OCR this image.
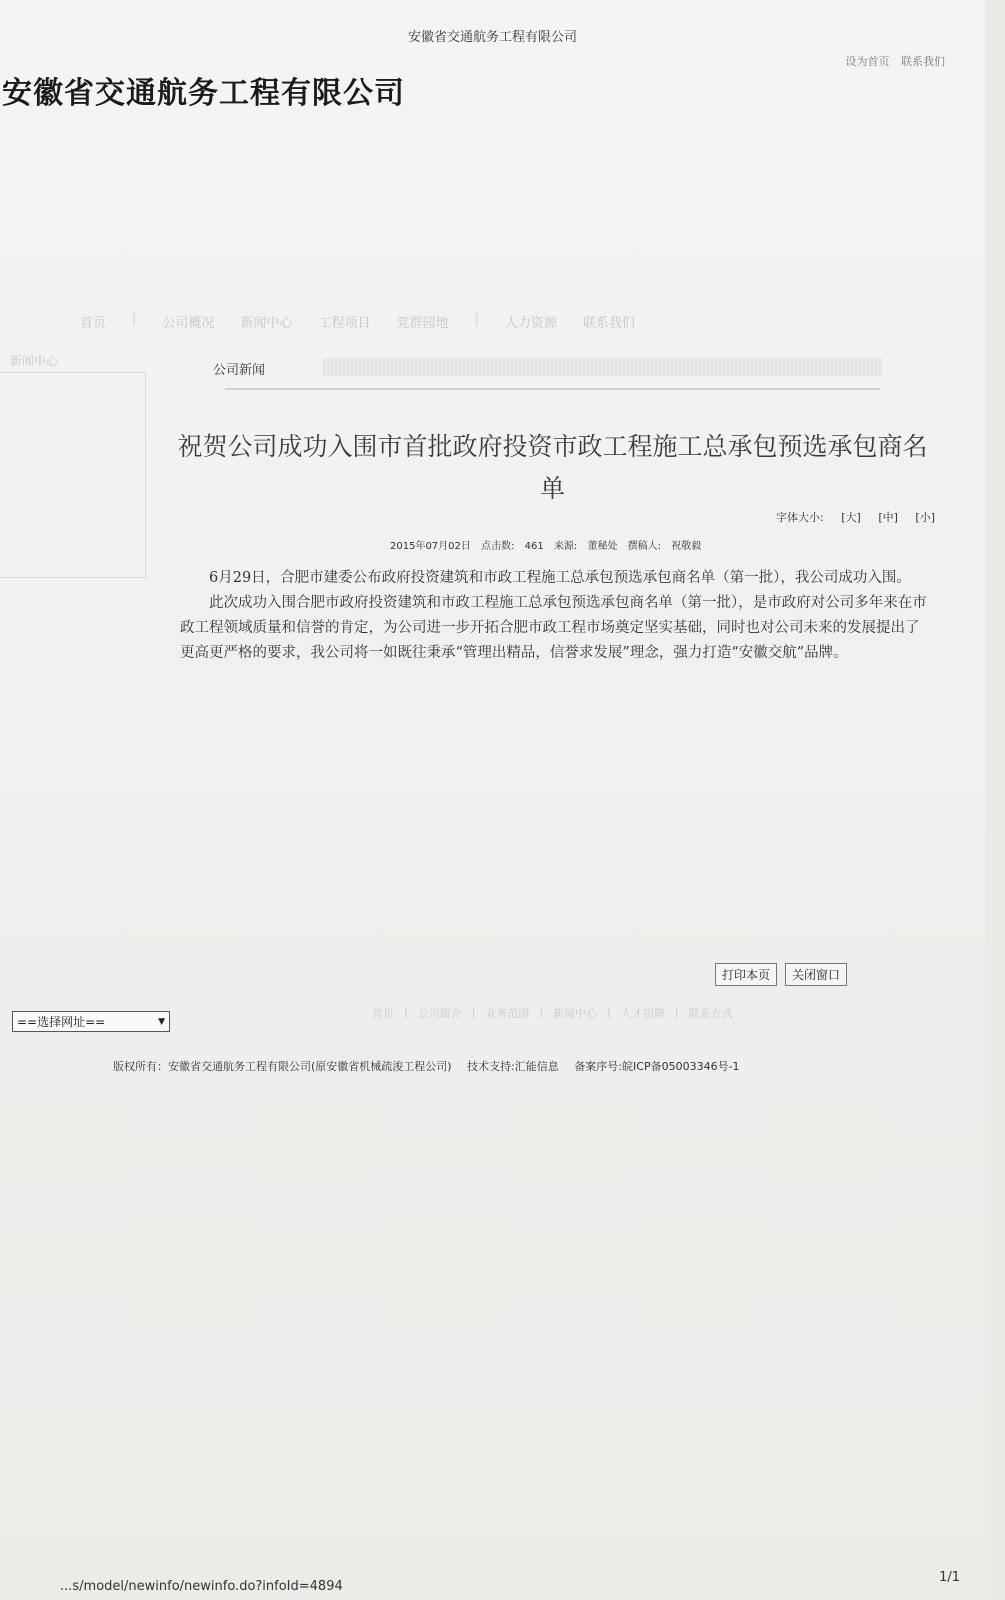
安徽省交通航务工程有限公司
安徽省交通航务工程有限公司
设为首页 联系我们
首页	|	公司概况	新闻中心	工程项目	党群园地	|	人力资源	联系我们
新闻中心
公司新闻
祝贺公司成功入围市首批政府投资市政工程施工总承包预选承包商名单
字体大小: [大] [中] [小]
2015年07月02日 点击数: 461 来源: 董秘处 撰稿人: 祝敬毅

6月29日，合肥市建委公布政府投资建筑和市政工程施工总承包预选承包商名单（第一批），我公司成功入围。

此次成功入围合肥市政府投资建筑和市政工程施工总承包预选承包商名单（第一批），是市政府对公司多年来在市政工程领域质量和信誉的肯定，为公司进一步开拓合肥市政工程市场奠定坚实基础，同时也对公司未来的发展提出了更高更严格的要求，我公司将一如既往秉承“管理出精品，信誉求发展”理念，强力打造“安徽交航”品牌。

打印本页	关闭窗口
==选择网址==	▼
首页 | 公司简介 | 业务范围 | 新闻中心 | 人才招聘 | 联系方式
版权所有：安徽省交通航务工程有限公司(原安徽省机械疏浚工程公司) 技术支持:汇能信息 备案序号:皖ICP备05003346号-1
...s/model/newinfo/newinfo.do?infoId=4894
1/1
